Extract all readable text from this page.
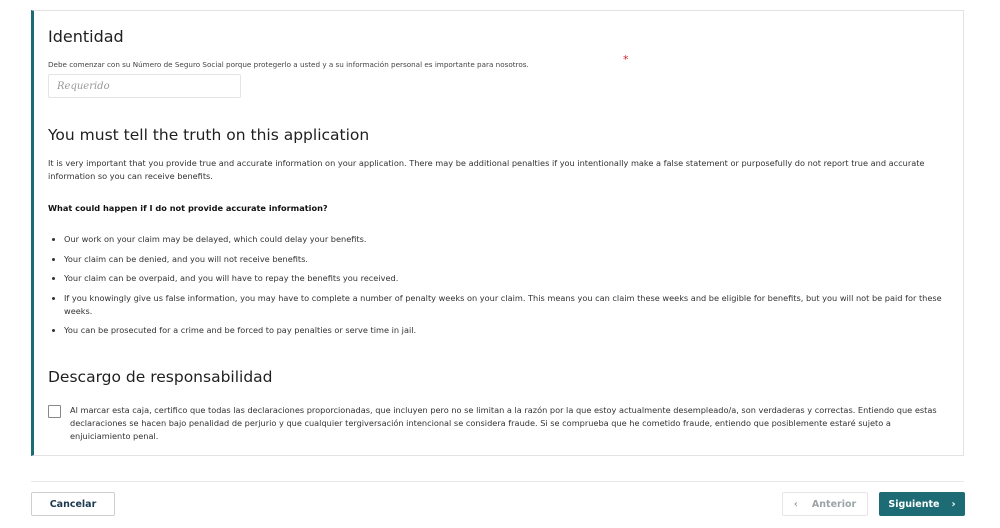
Identidad
Debe comenzar con su Número de Seguro Social porque protegerlo a usted y a su información personal es importante para nosotros.	*
Requerido
You must tell the truth on this application

It is very important that you provide true and accurate information on your application. There may be additional penalties if you intentionally make a false statement or purposefully do not report true and accurate information so you can receive benefits.

What could happen if I do not provide accurate information?
• Our work on your claim may be delayed, which could delay your benefits.
• Your claim can be denied, and you will not receive benefits.
• Your claim can be overpaid, and you will have to repay the benefits you received.
• If you knowingly give us false information, you may have to complete a number of penalty weeks on your claim. This means you can claim these weeks and be eligible for benefits, but you will not be paid for these weeks.
• You can be prosecuted for a crime and be forced to pay penalties or serve time in jail.
Descargo de responsabilidad

Al marcar esta caja, certifico que todas las declaraciones proporcionadas, que incluyen pero no se limitan a la razón por la que estoy actualmente desempleado/a, son verdaderas y correctas. Entiendo que estas declaraciones se hacen bajo penalidad de perjurio y que cualquier tergiversación intencional se considera fraude. Si se comprueba que he cometido fraude, entiendo que posiblemente estaré sujeto a enjuiciamiento penal.

Cancelar	‹ Anterior	Siguiente ›
